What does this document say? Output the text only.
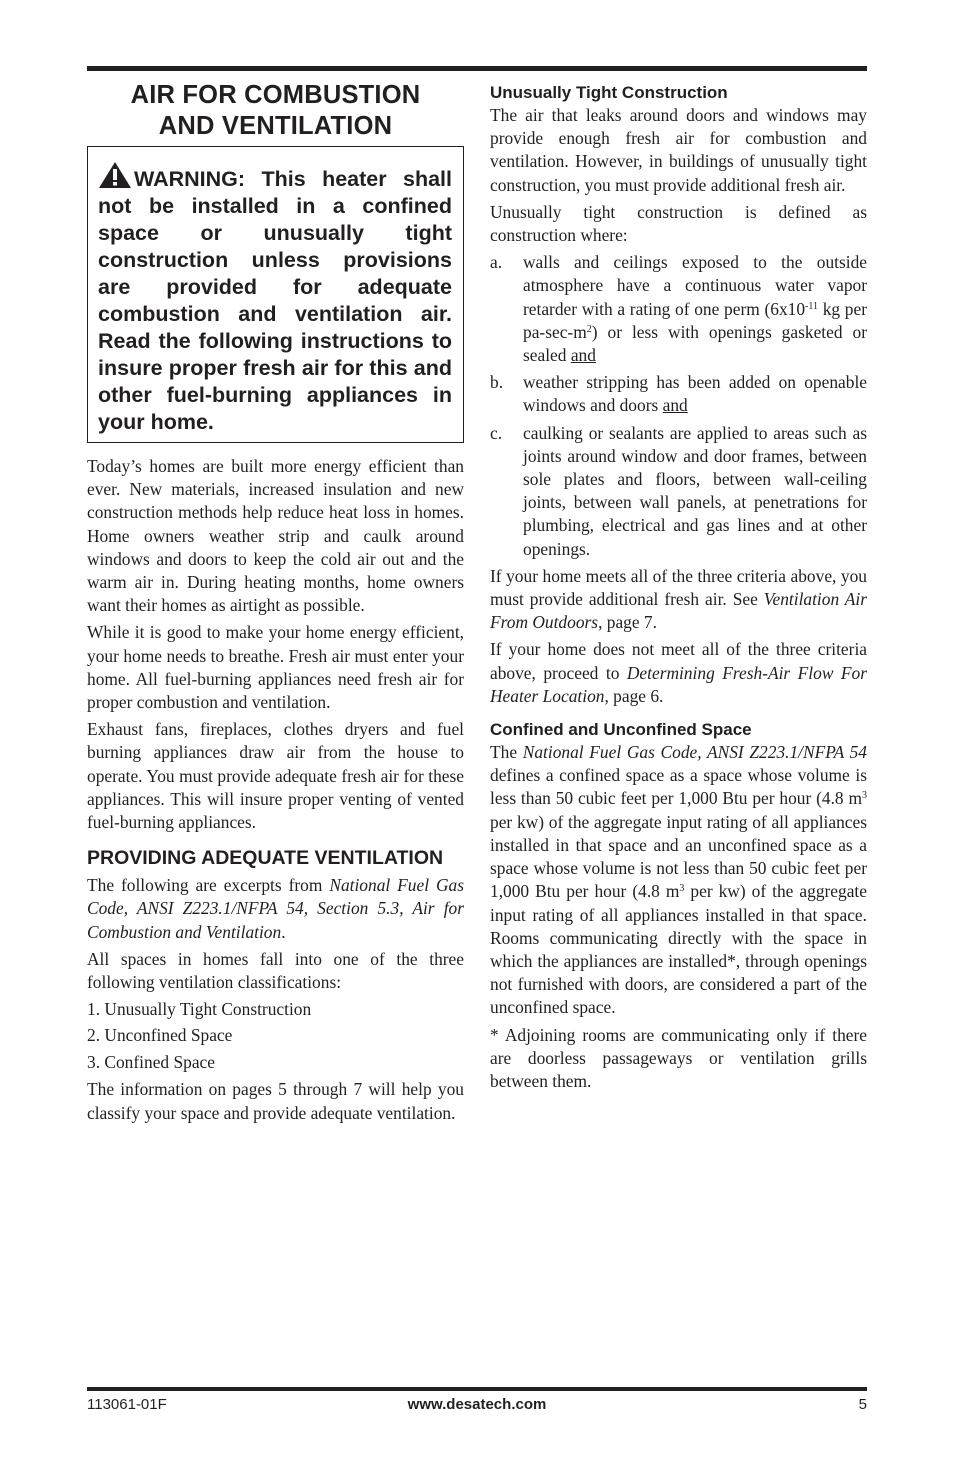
AIR FOR COMBUSTION
AND VENTILATION
WARNING: This heater shall not be installed in a confined space or unusually tight construction unless provisions are provided for adequate combustion and ventilation air. Read the following instructions to insure proper fresh air for this and other fuel-burning appliances in your home.

Today’s homes are built more energy efficient than ever. New materials, increased insulation and new construction methods help reduce heat loss in homes. Home owners weather strip and caulk around windows and doors to keep the cold air out and the warm air in. During heating months, home owners want their homes as airtight as possible.

While it is good to make your home energy efficient, your home needs to breathe. Fresh air must enter your home. All fuel-burning appliances need fresh air for proper combustion and ventilation.

Exhaust fans, fireplaces, clothes dryers and fuel burning appliances draw air from the house to operate. You must provide adequate fresh air for these appliances. This will insure proper venting of vented fuel-burning appliances.

PROVIDING ADEQUATE VENTILATION

The following are excerpts from National Fuel Gas Code, ANSI Z223.1/NFPA 54, Section 5.3, Air for Combustion and Ventilation.

All spaces in homes fall into one of the three following ventilation classifications:

1. Unusually Tight Construction
2. Unconfined Space
3. Confined Space

The information on pages 5 through 7 will help you classify your space and provide adequate ventilation.

Unusually Tight Construction

The air that leaks around doors and windows may provide enough fresh air for combustion and ventilation. However, in buildings of unusually tight construction, you must provide additional fresh air.

Unusually tight construction is defined as construction where:

a.	walls and ceilings exposed to the outside atmosphere have a continuous water vapor retarder with a rating of one perm ($6x10^{-11}$ kg per $pa-\sec-m^2$) or less with openings gasketed or sealed and
b.	weather stripping has been added on openable windows and doors and
c.	caulking or sealants are applied to areas such as joints around window and door frames, between sole plates and floors, between wall-ceiling joints, between wall panels, at penetrations for plumbing, electrical and gas lines and at other openings.

If your home meets all of the three criteria above, you must provide additional fresh air. See Ventilation Air From Outdoors, page 7.

If your home does not meet all of the three criteria above, proceed to Determining Fresh-Air Flow For Heater Location, page 6.

Confined and Unconfined Space

The National Fuel Gas Code, ANSI Z223.1/NFPA 54 defines a confined space as a space whose volume is less than 50 cubic feet per 1,000 Btu per hour (4.8 $m^3$ per kw) of the aggregate input rating of all appliances installed in that space and an unconfined space as a space whose volume is not less than 50 cubic feet per 1,000 Btu per hour (4.8 $m^3$ per kw) of the aggregate input rating of all appliances installed in that space. Rooms communicating directly with the space in which the appliances are installed*, through openings not furnished with doors, are considered a part of the unconfined space.

* Adjoining rooms are communicating only if there are doorless passageways or ventilation grills between them.

113061-01F	www.desatech.com	5
